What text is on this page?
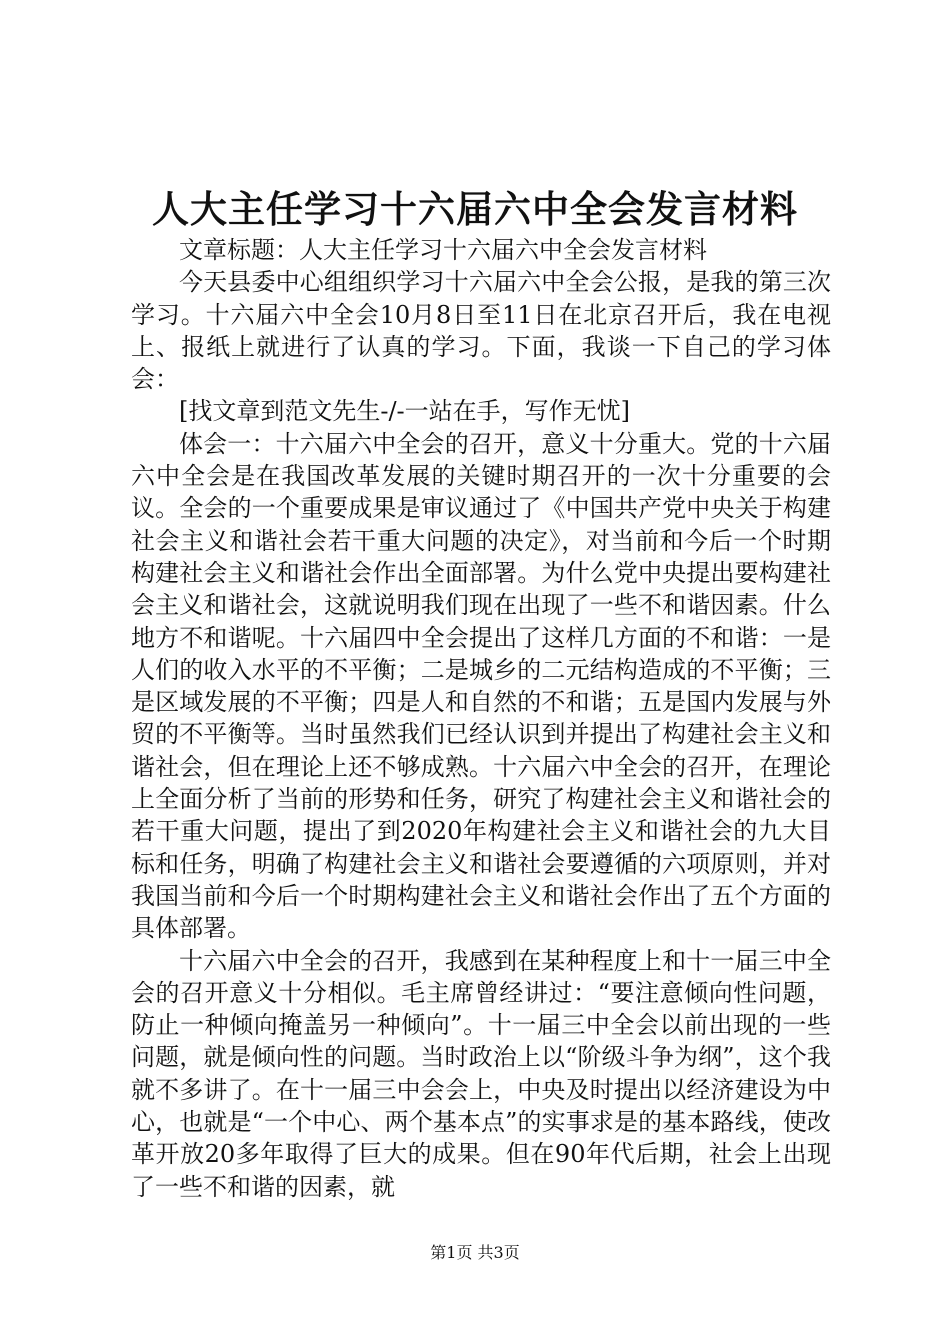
人大主任学习十六届六中全会发言材料

文章标题：人大主任学习十六届六中全会发言材料

今天县委中心组组织学习十六届六中全会公报，是我的第三次学习。十六届六中全会10月8日至11日在北京召开后，我在电视上、报纸上就进行了认真的学习。下面，我谈一下自己的学习体会：

[找文章到范文先生-/-一站在手，写作无忧]

体会一：十六届六中全会的召开，意义十分重大。党的十六届六中全会是在我国改革发展的关键时期召开的一次十分重要的会议。全会的一个重要成果是审议通过了《中国共产党中央关于构建社会主义和谐社会若干重大问题的决定》，对当前和今后一个时期构建社会主义和谐社会作出全面部署。为什么党中央提出要构建社会主义和谐社会，这就说明我们现在出现了一些不和谐因素。什么地方不和谐呢。十六届四中全会提出了这样几方面的不和谐：一是人们的收入水平的不平衡；二是城乡的二元结构造成的不平衡；三是区域发展的不平衡；四是人和自然的不和谐；五是国内发展与外贸的不平衡等。当时虽然我们已经认识到并提出了构建社会主义和谐社会，但在理论上还不够成熟。十六届六中全会的召开，在理论上全面分析了当前的形势和任务，研究了构建社会主义和谐社会的若干重大问题，提出了到2020年构建社会主义和谐社会的九大目标和任务，明确了构建社会主义和谐社会要遵循的六项原则，并对我国当前和今后一个时期构建社会主义和谐社会作出了五个方面的具体部署。

十六届六中全会的召开，我感到在某种程度上和十一届三中全会的召开意义十分相似。毛主席曾经讲过：“要注意倾向性问题，防止一种倾向掩盖另一种倾向”。十一届三中全会以前出现的一些问题，就是倾向性的问题。当时政治上以“阶级斗争为纲”，这个我就不多讲了。在十一届三中会会上，中央及时提出以经济建设为中心，也就是“一个中心、两个基本点”的实事求是的基本路线，使改革开放20多年取得了巨大的成果。但在90年代后期，社会上出现了一些不和谐的因素，就

第1页 共3页
